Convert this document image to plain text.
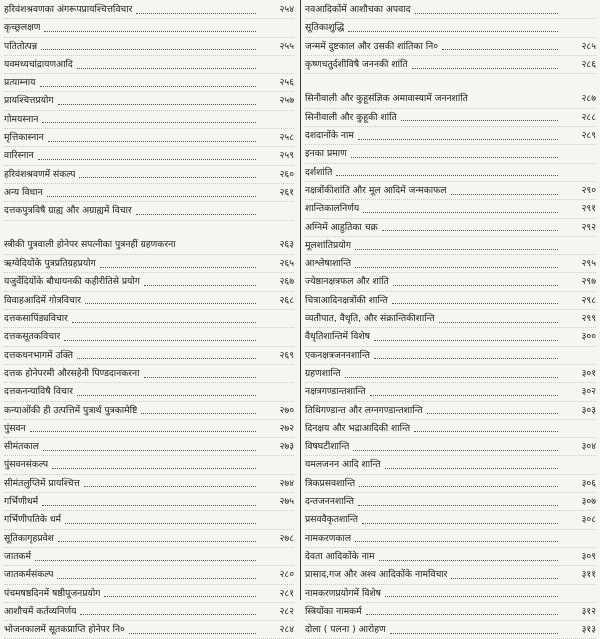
हरिवंशश्रवणका अंगरूपप्रायश्चित्तविचार	२५४
कृच्छ्रलक्षण
पतितोत्पन्न	२५५
यवमध्यचांद्रायणआदि
प्रत्याम्नाय	२५६
प्रायश्चित्तप्रयोग	२५७
गोमयस्नान
मृत्तिकास्नान	२५८
वारिस्नान	२५९
हरिवंशश्रवणमें संकल्प	२६०
अन्य विधान	२६१
दत्तकपुत्रविषै ग्राह्य और अग्राह्यमें विचार
स्त्रीकी पुत्रवाली होनेपर सपत्नीका पुत्रनहीं ग्रहणकरना	२६३
ऋग्वेदियोंके पुत्रप्रतिग्रहप्रयोग	२६५
यजुर्वेदियोंके बौधायनकी कहीरीतिसे प्रयोग	२६७
विवाहआदिमें गोत्रविचार	२६८
दत्तकसापिंड्यविचार
दत्तकसूतकविचार
दत्तकधनभागमें उक्ति	२६९
दत्तक होनेपरमी औरसहेनी पिण्डदानकरना
दत्तकनन्याविषै विचार
कन्याओंकी ही उत्पत्तिमें पुत्रार्थ पुत्रकामेष्टि	२७०
पुंसवन	२७२
सीमंतकाल	२७३
पुंसवनसंकल्प
सीमंतलुप्तिमें प्रायश्चित्त	२७४
गर्भिणीधर्म	२७५
गर्भिणीपतिके धर्म
सूतिकागृहप्रवेश	२७८
जातकर्म
जातकर्मसंकल्प	२८०
पंचमषष्ठदिनमें षष्ठीपूजनप्रयोग	२८१
आशौचमें कर्तव्यनिर्णय	२८२
भोजनकालमें सूतकप्राप्ति होनेपर नि०	२८४
नवआदिकोंमें आशौचका अपवाद
सूतिकाशुद्धि
जन्ममें दुष्टकाल और उसकी शांतिका नि०	२८५
कृष्णचतुर्दशीविषै जननकी शांति	२८६
सिनीवाली और कुहूसंज्ञिक अमावास्यामें जननशांति	२८७
सिनीवाली और कुहूकी शांति	२८८
दशदानोंके नाम	२८९
इनका प्रमाण
दर्शशांति
नक्षत्रोंकीशांति और मूल आदिमें जन्मकाफल	२९०
शान्तिकालनिर्णय	२९१
अग्निमें आहुतिका चक्र	२९२
मूलशांतिप्रयोग
आश्लेषाशान्ति	२९५
ज्येष्ठानक्षत्रफल और शांति	२९७
चित्राआदिनक्षत्रोंकी शान्ति	२९८
व्यतीपात, वैधृति, और संक्रान्तिकीशान्ति	२९९
वैधृतिशान्तिमें विशेष	३००
एकनक्षत्रजननशान्ति
ग्रहणशान्ति	३०१
नक्षत्रगण्डान्तशान्ति	३०२
तिथिगण्डान्त और लग्नगण्डान्तशान्ति	३०३
दिनक्षय और भद्राआदिकी शान्ति
विषघटीशान्ति	३०४
यमलजनन आदि शान्ति
त्रिकप्रसवशान्ति	३०६
दन्तजननशान्ति	३०७
प्रसववैकृतशान्ति	३०८
नामकरणकाल
देवता आदिकोंके नाम	३०९
प्रासाद,गज और अश्व आदिकोंके नामविचार	३११
नामकरणप्रयोगमें विशेष
स्त्रियोंका नामकर्म	३१२
दोला ( पलना ) आरोहण	३१३
